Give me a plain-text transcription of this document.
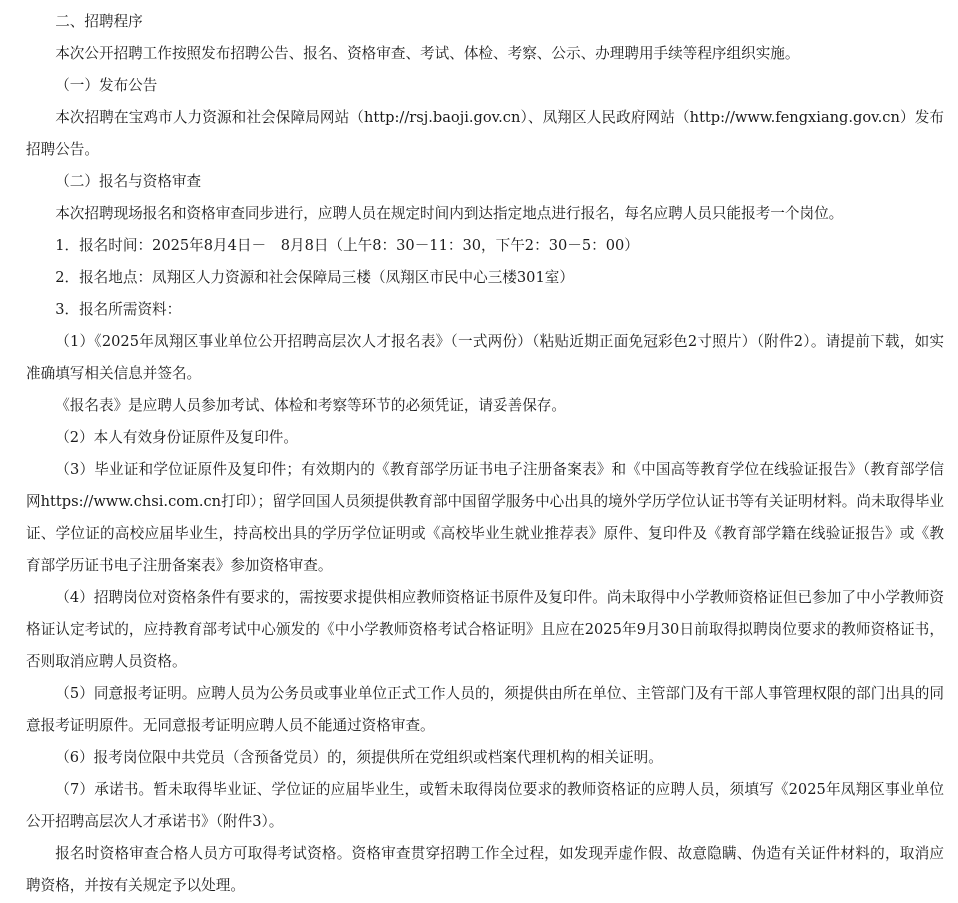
二、招聘程序

本次公开招聘工作按照发布招聘公告、报名、资格审查、考试、体检、考察、公示、办理聘用手续等程序组织实施。

（一）发布公告

本次招聘在宝鸡市人力资源和社会保障局网站（http://rsj.baoji.gov.cn）、凤翔区人民政府网站（http://www.fengxiang.gov.cn）发布招聘公告。

（二）报名与资格审查

本次招聘现场报名和资格审查同步进行，应聘人员在规定时间内到达指定地点进行报名，每名应聘人员只能报考一个岗位。

1．报名时间：2025年8月4日－　8月8日（上午8：30－11：30，下午2：30－5：00）

2．报名地点：凤翔区人力资源和社会保障局三楼（凤翔区市民中心三楼301室）

3．报名所需资料：

（1）《2025年凤翔区事业单位公开招聘高层次人才报名表》（一式两份）（粘贴近期正面免冠彩色2寸照片）（附件2）。请提前下载，如实准确填写相关信息并签名。

《报名表》是应聘人员参加考试、体检和考察等环节的必须凭证，请妥善保存。

（2）本人有效身份证原件及复印件。

（3）毕业证和学位证原件及复印件；有效期内的《教育部学历证书电子注册备案表》和《中国高等教育学位在线验证报告》（教育部学信网https://www.chsi.com.cn打印）；留学回国人员须提供教育部中国留学服务中心出具的境外学历学位认证书等有关证明材料。尚未取得毕业证、学位证的高校应届毕业生，持高校出具的学历学位证明或《高校毕业生就业推荐表》原件、复印件及《教育部学籍在线验证报告》或《教育部学历证书电子注册备案表》参加资格审查。

（4）招聘岗位对资格条件有要求的，需按要求提供相应教师资格证书原件及复印件。尚未取得中小学教师资格证但已参加了中小学教师资格证认定考试的，应持教育部考试中心颁发的《中小学教师资格考试合格证明》且应在2025年9月30日前取得拟聘岗位要求的教师资格证书，否则取消应聘人员资格。

（5）同意报考证明。应聘人员为公务员或事业单位正式工作人员的，须提供由所在单位、主管部门及有干部人事管理权限的部门出具的同意报考证明原件。无同意报考证明应聘人员不能通过资格审查。

（6）报考岗位限中共党员（含预备党员）的，须提供所在党组织或档案代理机构的相关证明。

（7）承诺书。暂未取得毕业证、学位证的应届毕业生，或暂未取得岗位要求的教师资格证的应聘人员，须填写《2025年凤翔区事业单位公开招聘高层次人才承诺书》（附件3）。

报名时资格审查合格人员方可取得考试资格。资格审查贯穿招聘工作全过程，如发现弄虚作假、故意隐瞒、伪造有关证件材料的，取消应聘资格，并按有关规定予以处理。
